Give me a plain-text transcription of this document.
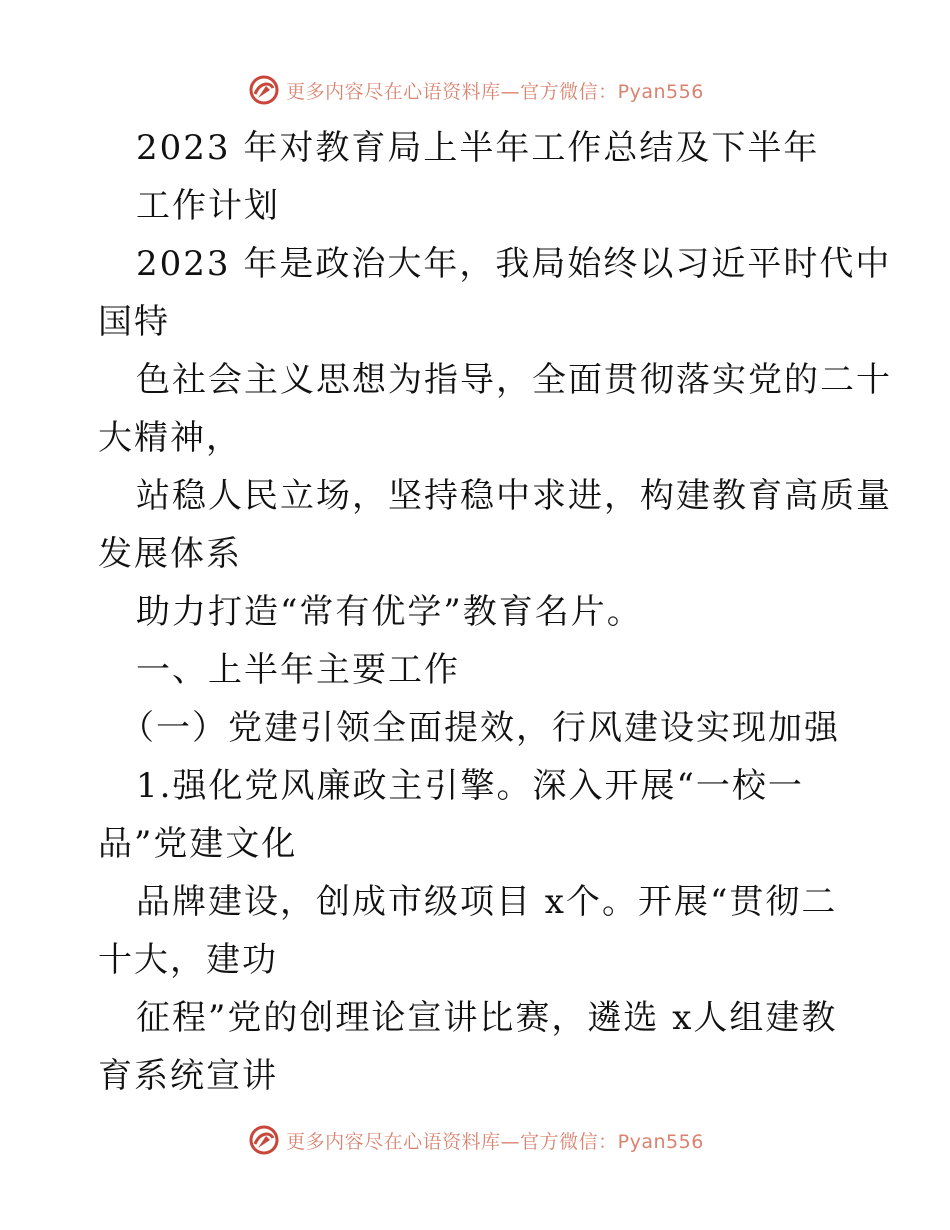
更多内容尽在心语资料库—官方微信：Pyan556
2023 年对教育局上半年工作总结及下半年
工作计划
2023 年是政治大年，我局始终以习近平时代中
国特
色社会主义思想为指导，全面贯彻落实党的二十
大精神，
站稳人民立场，坚持稳中求进，构建教育高质量
发展体系
助力打造“常有优学”教育名片。
一、上半年主要工作
（一）党建引领全面提效，行风建设实现加强
1.强化党风廉政主引擎。深入开展“一校一
品”党建文化
品牌建设，创成市级项目 x个。开展“贯彻二
十大，建功
征程”党的创理论宣讲比赛，遴选 x人组建教
育系统宣讲
更多内容尽在心语资料库—官方微信：Pyan556
